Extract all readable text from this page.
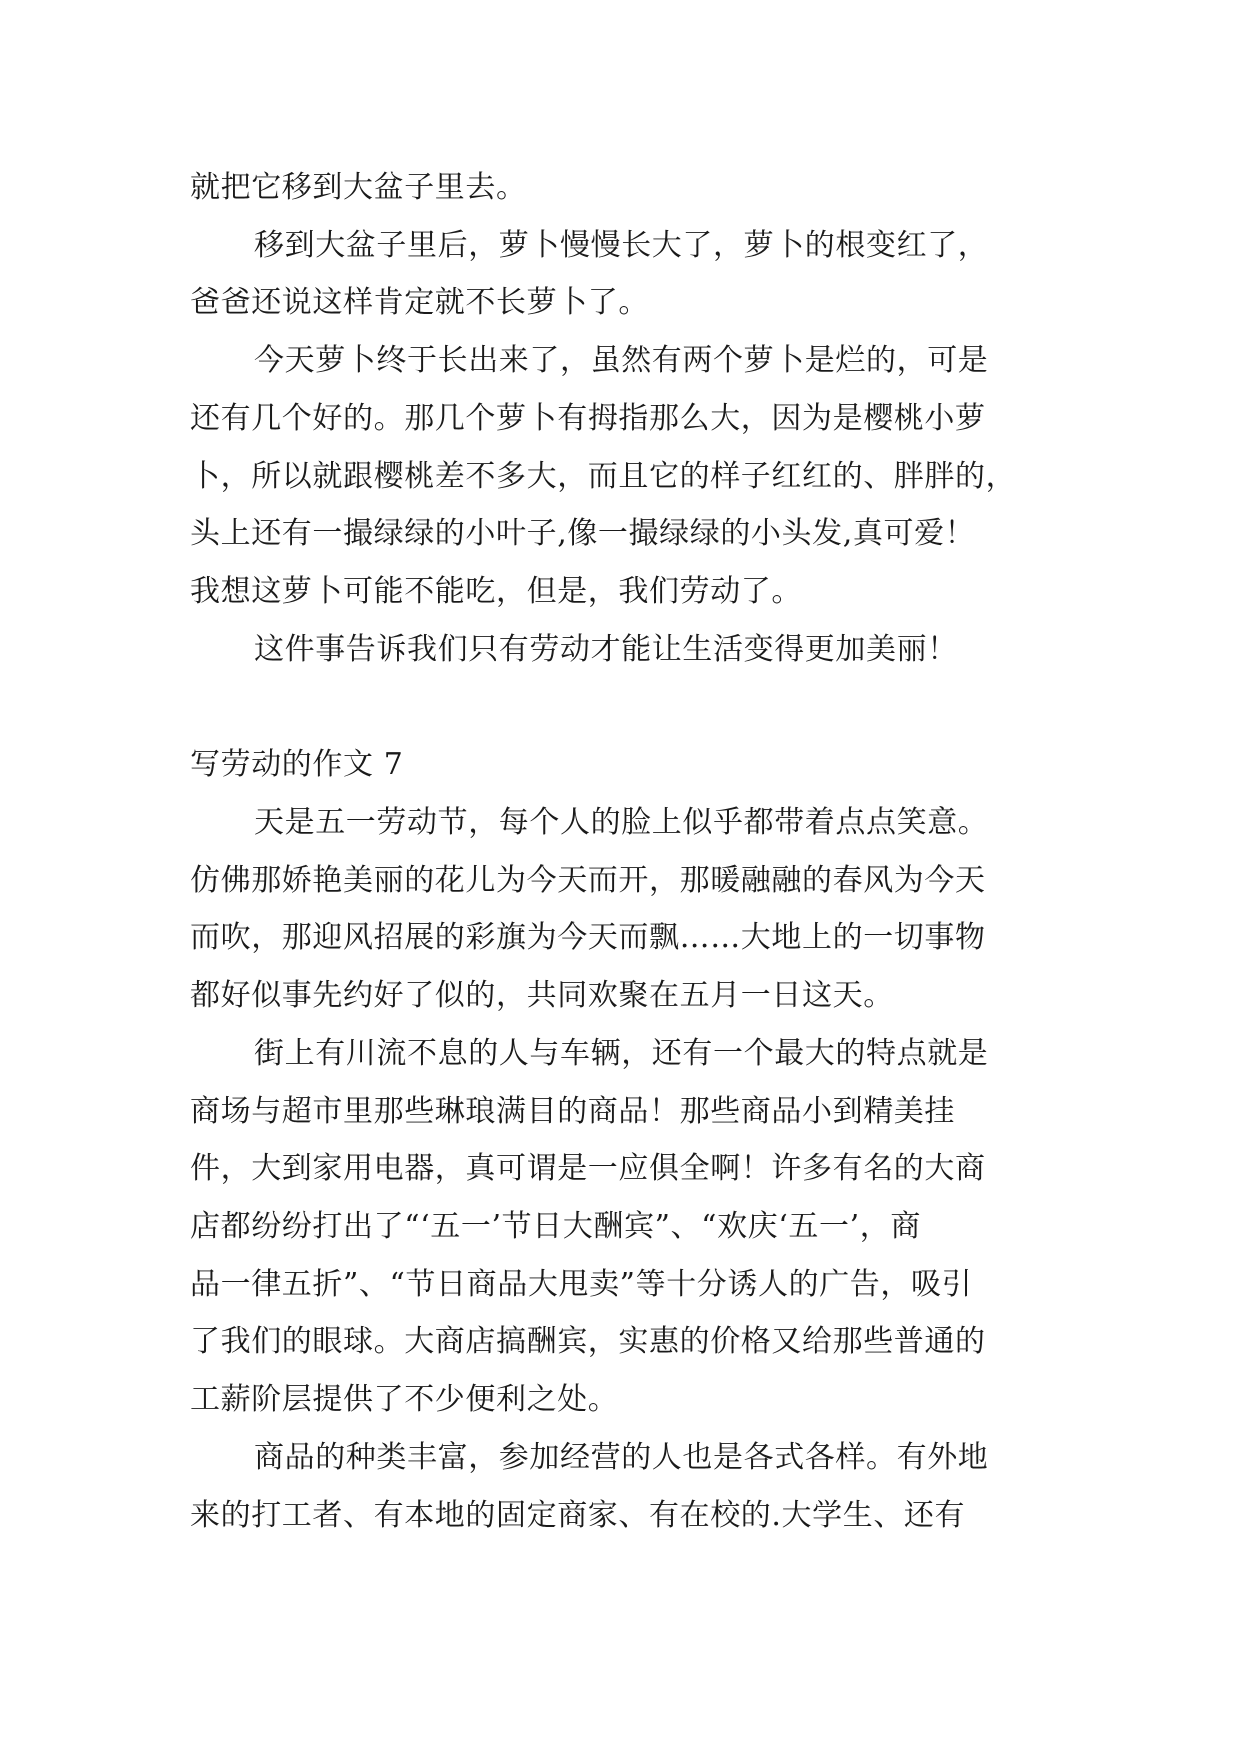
就把它移到大盆子里去。
移到大盆子里后，萝卜慢慢长大了，萝卜的根变红了，
爸爸还说这样肯定就不长萝卜了。
今天萝卜终于长出来了，虽然有两个萝卜是烂的，可是
还有几个好的。那几个萝卜有拇指那么大，因为是樱桃小萝
卜，所以就跟樱桃差不多大，而且它的样子红红的、胖胖的，
头上还有一撮绿绿的小叶子,像一撮绿绿的小头发,真可爱！
我想这萝卜可能不能吃，但是，我们劳动了。
这件事告诉我们只有劳动才能让生活变得更加美丽！
写劳动的作文 7
天是五一劳动节，每个人的脸上似乎都带着点点笑意。
仿佛那娇艳美丽的花儿为今天而开，那暖融融的春风为今天
而吹，那迎风招展的彩旗为今天而飘……大地上的一切事物
都好似事先约好了似的，共同欢聚在五月一日这天。
街上有川流不息的人与车辆，还有一个最大的特点就是
商场与超市里那些琳琅满目的商品！那些商品小到精美挂
件，大到家用电器，真可谓是一应俱全啊！许多有名的大商
店都纷纷打出了“‘五一’节日大酬宾”、“欢庆‘五一’，商
品一律五折”、“节日商品大甩卖”等十分诱人的广告，吸引
了我们的眼球。大商店搞酬宾，实惠的价格又给那些普通的
工薪阶层提供了不少便利之处。
商品的种类丰富，参加经营的人也是各式各样。有外地
来的打工者、有本地的固定商家、有在校的.大学生、还有
